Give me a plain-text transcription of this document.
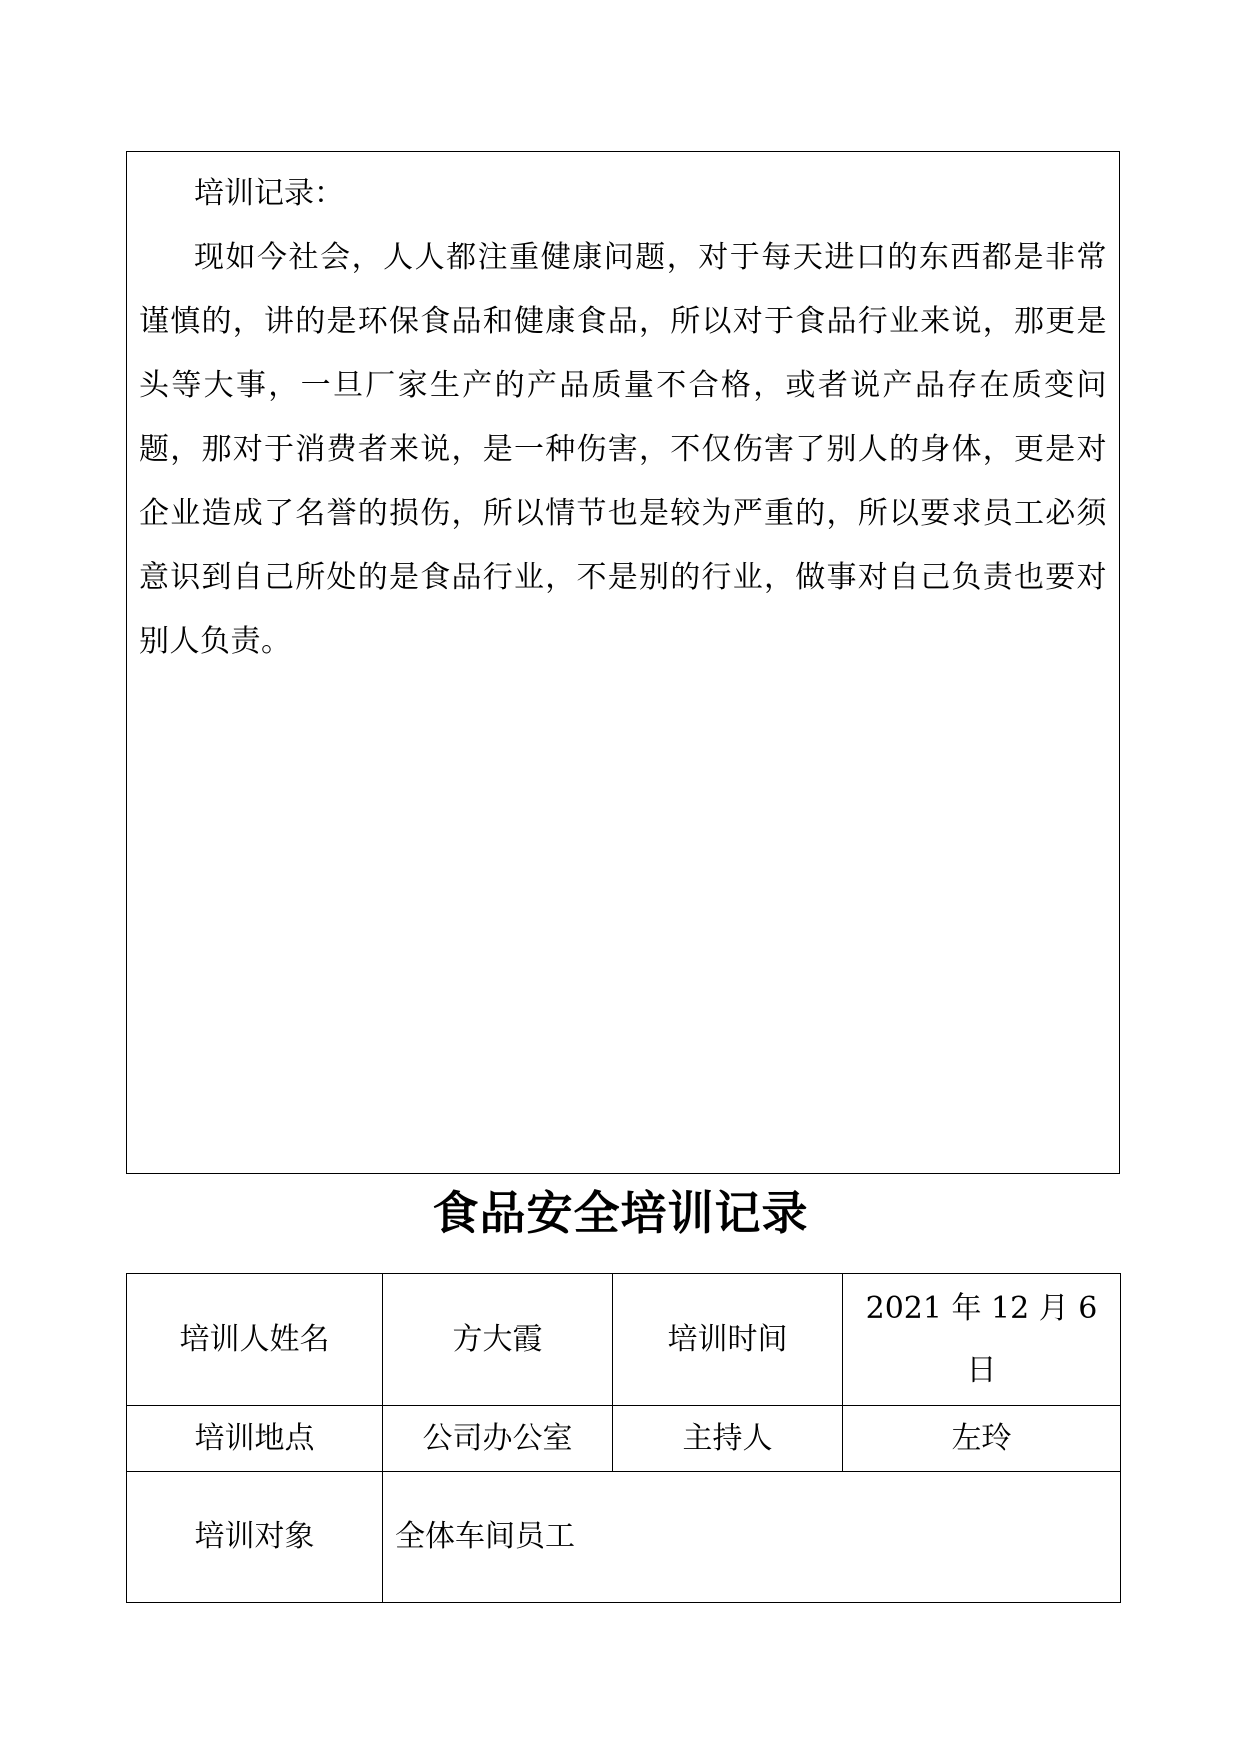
培训记录：
现如今社会，人人都注重健康问题，对于每天进口的东西都是非常谨慎的，讲的是环保食品和健康食品，所以对于食品行业来说，那更是头等大事，一旦厂家生产的产品质量不合格，或者说产品存在质变问题，那对于消费者来说，是一种伤害，不仅伤害了别人的身体，更是对企业造成了名誉的损伤，所以情节也是较为严重的，所以要求员工必须意识到自己所处的是食品行业，不是别的行业，做事对自己负责也要对别人负责。
食品安全培训记录
培训人姓名	方大霞	培训时间	2021 年 12 月 6 日
培训地点	公司办公室	主持人	左玲
培训对象	全体车间员工		
